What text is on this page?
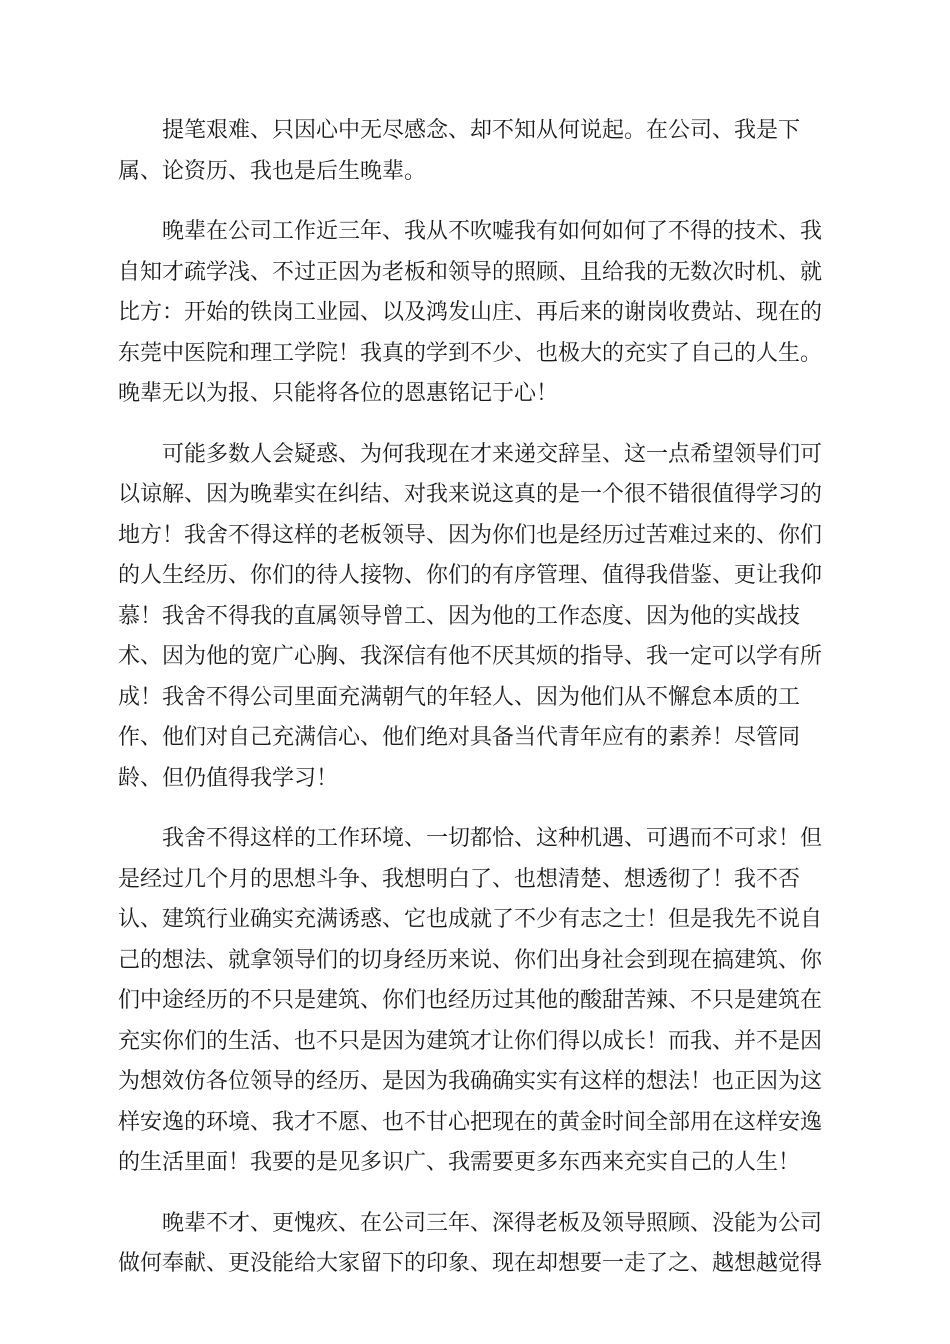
提笔艰难、只因心中无尽感念、却不知从何说起。在公司、我是下
属、论资历、我也是后生晚辈。

晚辈在公司工作近三年、我从不吹嘘我有如何如何了不得的技术、我
自知才疏学浅、不过正因为老板和领导的照顾、且给我的无数次时机、就
比方：开始的铁岗工业园、以及鸿发山庄、再后来的谢岗收费站、现在的
东莞中医院和理工学院！我真的学到不少、也极大的充实了自己的人生。
晚辈无以为报、只能将各位的恩惠铭记于心！

可能多数人会疑惑、为何我现在才来递交辞呈、这一点希望领导们可
以谅解、因为晚辈实在纠结、对我来说这真的是一个很不错很值得学习的
地方！我舍不得这样的老板领导、因为你们也是经历过苦难过来的、你们
的人生经历、你们的待人接物、你们的有序管理、值得我借鉴、更让我仰
慕！我舍不得我的直属领导曾工、因为他的工作态度、因为他的实战技
术、因为他的宽广心胸、我深信有他不厌其烦的指导、我一定可以学有所
成！我舍不得公司里面充满朝气的年轻人、因为他们从不懈怠本质的工
作、他们对自己充满信心、他们绝对具备当代青年应有的素养！尽管同
龄、但仍值得我学习！

我舍不得这样的工作环境、一切都恰、这种机遇、可遇而不可求！但
是经过几个月的思想斗争、我想明白了、也想清楚、想透彻了！我不否
认、建筑行业确实充满诱惑、它也成就了不少有志之士！但是我先不说自
己的想法、就拿领导们的切身经历来说、你们出身社会到现在搞建筑、你
们中途经历的不只是建筑、你们也经历过其他的酸甜苦辣、不只是建筑在
充实你们的生活、也不只是因为建筑才让你们得以成长！而我、并不是因
为想效仿各位领导的经历、是因为我确确实实有这样的想法！也正因为这
样安逸的环境、我才不愿、也不甘心把现在的黄金时间全部用在这样安逸
的生活里面！我要的是见多识广、我需要更多东西来充实自己的人生！

晚辈不才、更愧疚、在公司三年、深得老板及领导照顾、没能为公司
做何奉献、更没能给大家留下的印象、现在却想要一走了之、越想越觉得
